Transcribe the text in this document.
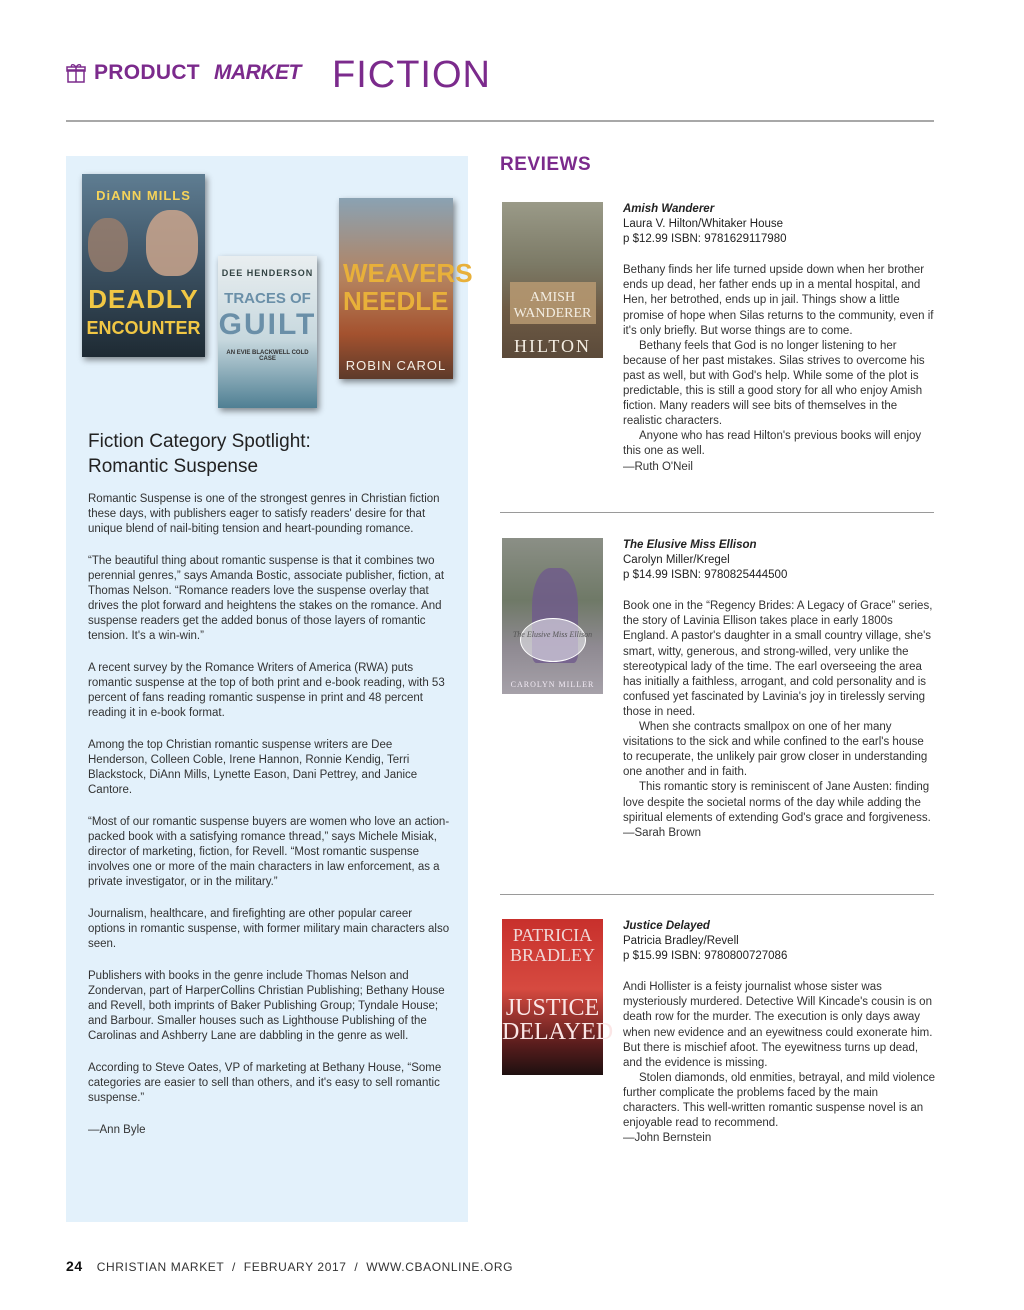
PRODUCT MARKET FICTION
DiANN MILLS
DEADLY
ENCOUNTER
DEE HENDERSON
TRACES OF
GUILT
AN EVIE BLACKWELL COLD CASE
WEAVERS
NEEDLE
ROBIN CAROL
Fiction Category Spotlight:
Romantic Suspense

Romantic Suspense is one of the strongest genres in Christian fiction these days, with publishers eager to satisfy readers' desire for that unique blend of nail-biting tension and heart-pounding romance.

“The beautiful thing about romantic suspense is that it combines two perennial genres,” says Amanda Bostic, associate publisher, fiction, at Thomas Nelson. “Romance readers love the suspense overlay that drives the plot forward and heightens the stakes on the romance. And suspense readers get the added bonus of those layers of romantic tension. It's a win-win.”

A recent survey by the Romance Writers of America (RWA) puts romantic suspense at the top of both print and e-book reading, with 53 percent of fans reading romantic suspense in print and 48 percent reading it in e-book format.

Among the top Christian romantic suspense writers are Dee Henderson, Colleen Coble, Irene Hannon, Ronnie Kendig, Terri Blackstock, DiAnn Mills, Lynette Eason, Dani Pettrey, and Janice Cantore.

“Most of our romantic suspense buyers are women who love an action-packed book with a satisfying romance thread,” says Michele Misiak, director of marketing, fiction, for Revell. “Most romantic suspense involves one or more of the main characters in law enforcement, as a private investigator, or in the military.”

Journalism, healthcare, and firefighting are other popular career options in romantic suspense, with former military main characters also seen.

Publishers with books in the genre include Thomas Nelson and Zondervan, part of HarperCollins Christian Publishing; Bethany House and Revell, both imprints of Baker Publishing Group; Tyndale House; and Barbour. Smaller houses such as Lighthouse Publishing of the Carolinas and Ashberry Lane are dabbling in the genre as well.

According to Steve Oates, VP of marketing at Bethany House, “Some categories are easier to sell than others, and it's easy to sell romantic suspense.”

—Ann Byle

REVIEWS
AMISH
WANDERER
HILTON
Amish Wanderer
Laura V. Hilton/Whitaker House
p $12.99 ISBN: 9781629117980

Bethany finds her life turned upside down when her brother ends up dead, her father ends up in a mental hospital, and Hen, her betrothed, ends up in jail. Things show a little promise of hope when Silas returns to the community, even if it's only briefly. But worse things are to come.

Bethany feels that God is no longer listening to her because of her past mistakes. Silas strives to overcome his past as well, but with God's help. While some of the plot is predictable, this is still a good story for all who enjoy Amish fiction. Many readers will see bits of themselves in the realistic characters.

Anyone who has read Hilton's previous books will enjoy this one as well.

—Ruth O'Neil
The Elusive Miss Ellison
CAROLYN MILLER
The Elusive Miss Ellison
Carolyn Miller/Kregel
p $14.99 ISBN: 9780825444500

Book one in the “Regency Brides: A Legacy of Grace” series, the story of Lavinia Ellison takes place in early 1800s England. A pastor's daughter in a small country village, she's smart, witty, generous, and strong-willed, very unlike the stereotypical lady of the time. The earl overseeing the area has initially a faithless, arrogant, and cold personality and is confused yet fascinated by Lavinia's joy in tirelessly serving those in need.

When she contracts smallpox on one of her many visitations to the sick and while confined to the earl's house to recuperate, the unlikely pair grow closer in understanding one another and in faith.

This romantic story is reminiscent of Jane Austen: finding love despite the societal norms of the day while adding the spiritual elements of extending God's grace and forgiveness.

—Sarah Brown
PATRICIA
BRADLEY
JUSTICE
DELAYED
Justice Delayed
Patricia Bradley/Revell
p $15.99 ISBN: 9780800727086

Andi Hollister is a feisty journalist whose sister was mysteriously murdered. Detective Will Kincade's cousin is on death row for the murder. The execution is only days away when new evidence and an eyewitness could exonerate him. But there is mischief afoot. The eyewitness turns up dead, and the evidence is missing.

Stolen diamonds, old enmities, betrayal, and mild violence further complicate the problems faced by the main characters. This well-written romantic suspense novel is an enjoyable read to recommend.

—John Bernstein
24 CHRISTIAN MARKET  /  FEBRUARY 2017  /  WWW.CBAONLINE.ORG
